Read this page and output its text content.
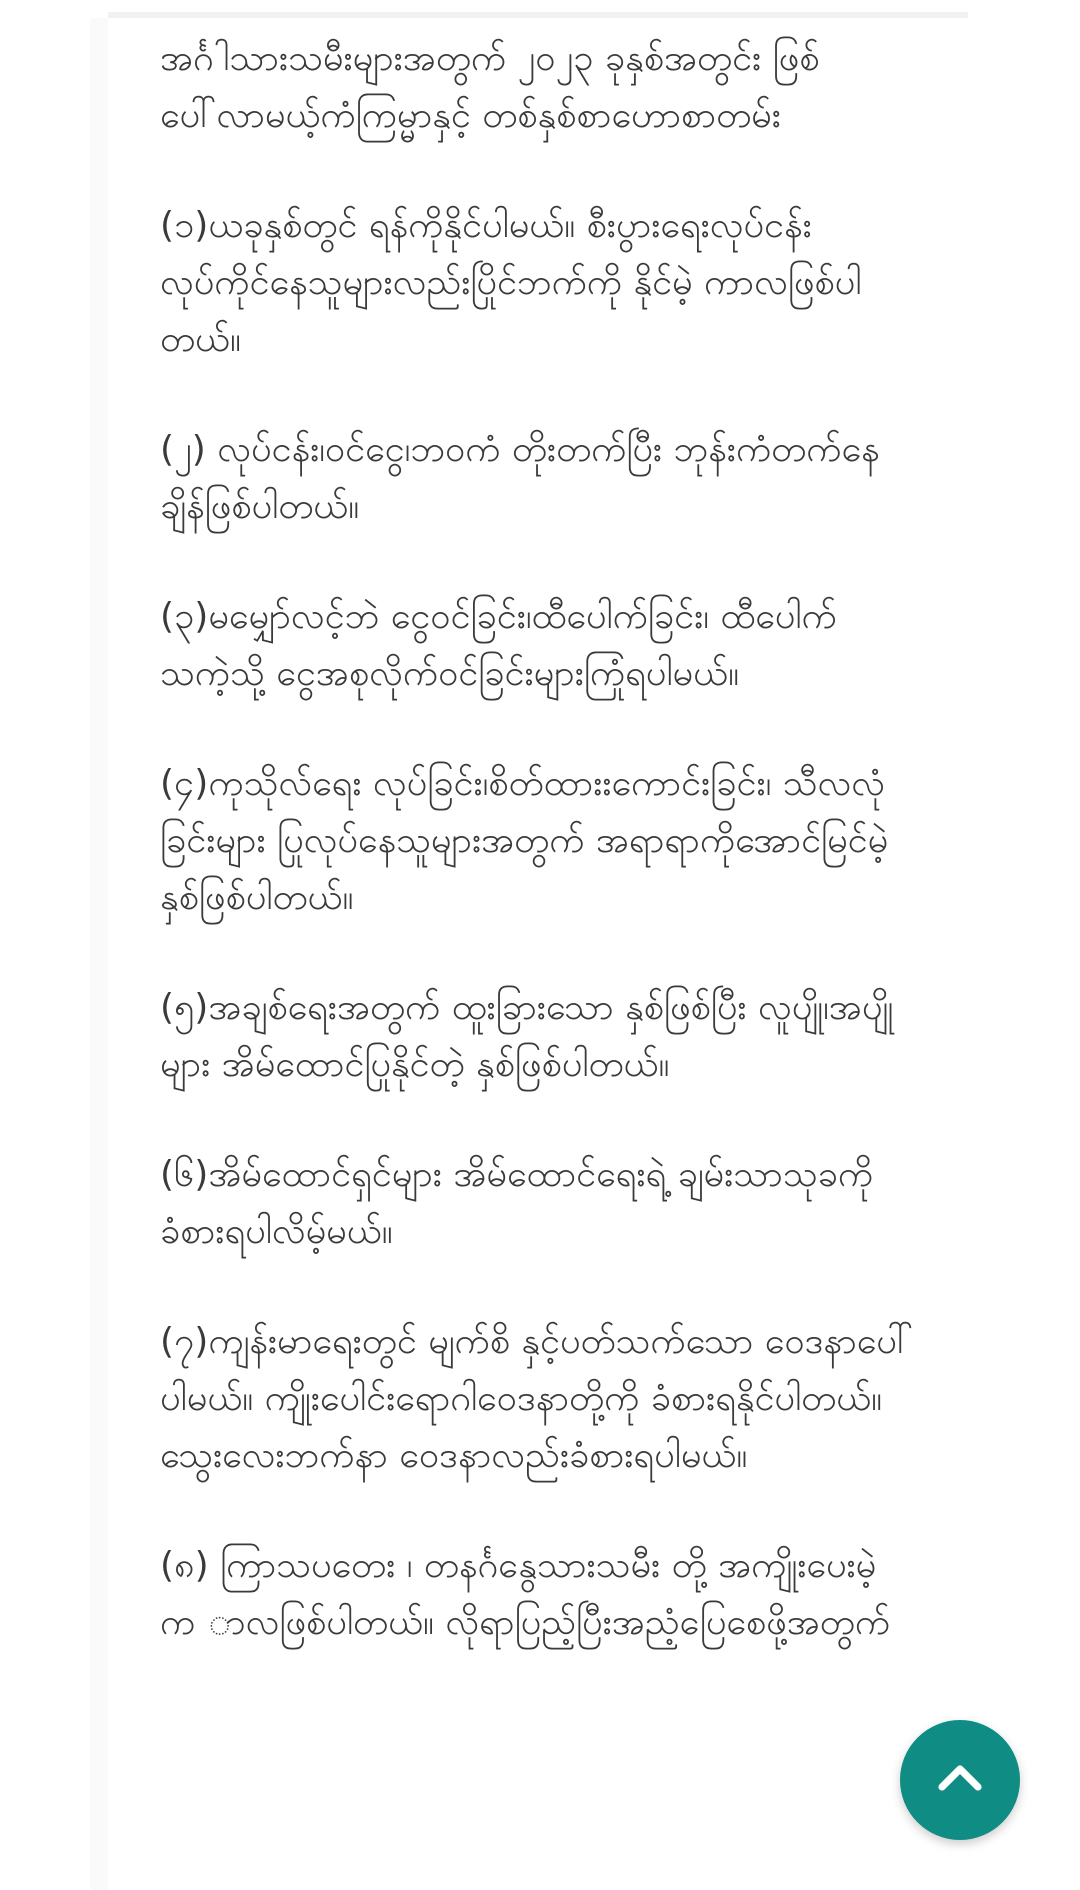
အင်္ဂါသားသမီးများအတွက် ၂၀၂၃ ခုနှစ်အတွင်း ဖြစ်ပေါ်လာမယ့်ကံကြမ္မာနှင့် တစ်နှစ်စာဟောစာတမ်း

(၁)ယခုနှစ်တွင် ရန်ကိုနိုင်ပါမယ်။ စီးပွားရေးလုပ်ငန်းလုပ်ကိုင်နေသူများလည်းပြိုင်ဘက်ကို နိုင်မဲ့ ကာလဖြစ်ပါတယ်။

(၂) လုပ်ငန်း၊ဝင်ငွေ၊ဘဝကံ တိုးတက်ပြီး ဘုန်းကံတက်နေချိန်ဖြစ်ပါတယ်။

(၃)မမျှော်လင့်ဘဲ ငွေဝင်ခြင်း၊ထီပေါက်ခြင်း၊ ထီပေါက်သကဲ့သို့ ငွေအစုလိုက်ဝင်ခြင်းများကြုံရပါမယ်။

(၄)ကုသိုလ်ရေး လုပ်ခြင်း၊စိတ်ထားးကောင်းခြင်း၊ သီလလုံခြင်းများ ပြုလုပ်နေသူများအတွက် အရာရာကိုအောင်မြင်မဲ့ နှစ်ဖြစ်ပါတယ်။

(၅)အချစ်ရေးအတွက် ထူးခြားသော နှစ်ဖြစ်ပြီး လူပျို၊အပျိုများ အိမ်ထောင်ပြုနိုင်တဲ့ နှစ်ဖြစ်ပါတယ်။

(၆)အိမ်ထောင်ရှင်များ အိမ်ထောင်ရေးရဲ့ ချမ်းသာသုခကို ခံစားရပါလိမ့်မယ်။

(၇)ကျန်းမာရေးတွင် မျက်စိ နှင့်ပတ်သက်သော ဝေဒနာပေါ်ပါမယ်။ ကျိုးပေါင်းရောဂါဝေဒနာတို့ကို ခံစားရနိုင်ပါတယ်။ သွေးလေးဘက်နာ ဝေဒနာလည်းခံစားရပါမယ်။

(၈) ကြာသပတေး ၊ တနင်္ဂနွေသားသမီး တို့ အကျိုးပေးမဲ့ က ာလဖြစ်ပါတယ်။ လိုရာပြည့်ပြီးအညံ့ပြေစေဖို့အတွက်
